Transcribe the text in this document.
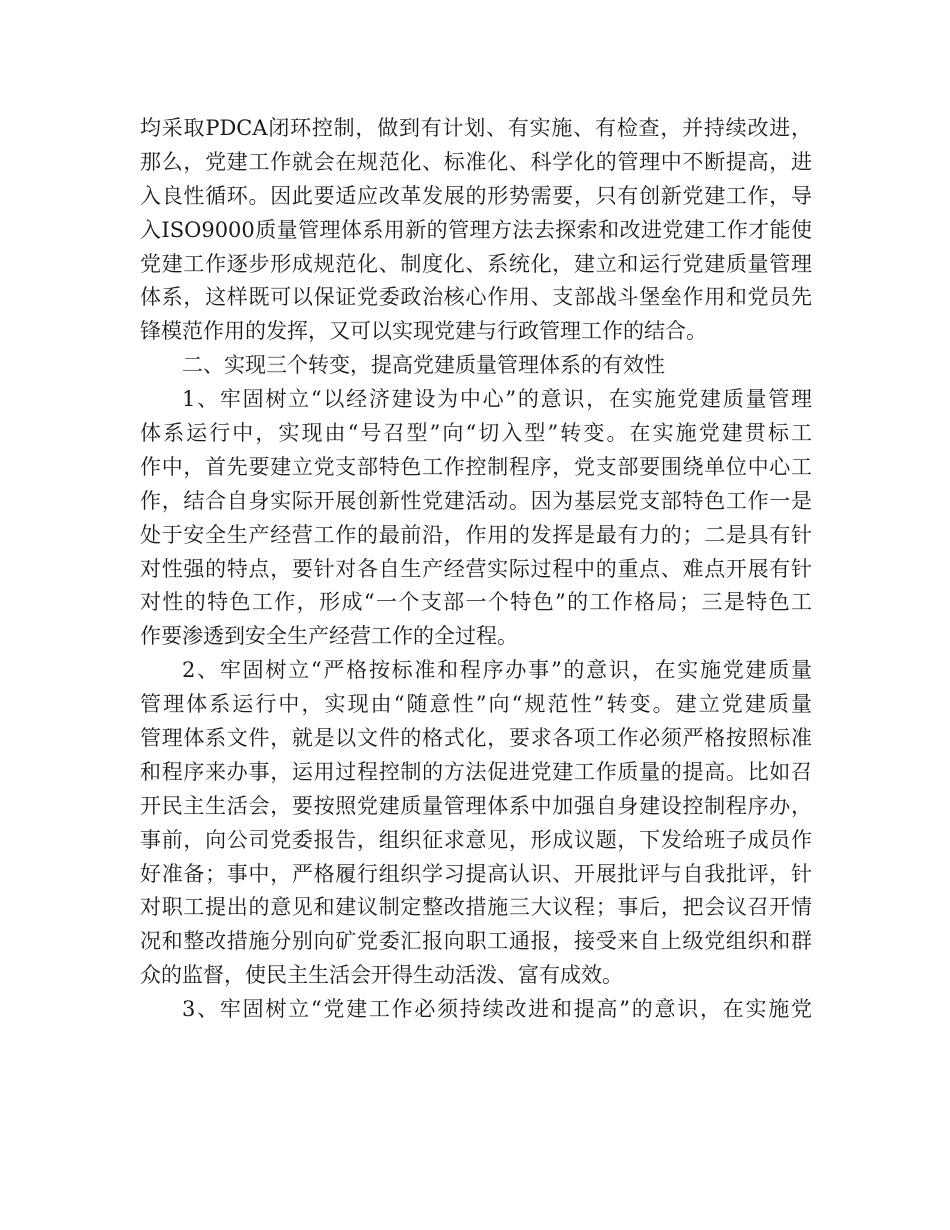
均采取PDCA闭环控制，做到有计划、有实施、有检查，并持续改进，
那么，党建工作就会在规范化、标准化、科学化的管理中不断提高，进
入良性循环。因此要适应改革发展的形势需要，只有创新党建工作，导
入ISO9000质量管理体系用新的管理方法去探索和改进党建工作才能使
党建工作逐步形成规范化、制度化、系统化，建立和运行党建质量管理
体系，这样既可以保证党委政治核心作用、支部战斗堡垒作用和党员先
锋模范作用的发挥，又可以实现党建与行政管理工作的结合。
二、实现三个转变，提高党建质量管理体系的有效性
1、牢固树立“以经济建设为中心”的意识，在实施党建质量管理
体系运行中，实现由“号召型”向“切入型”转变。在实施党建贯标工
作中，首先要建立党支部特色工作控制程序，党支部要围绕单位中心工
作，结合自身实际开展创新性党建活动。因为基层党支部特色工作一是
处于安全生产经营工作的最前沿，作用的发挥是最有力的；二是具有针
对性强的特点，要针对各自生产经营实际过程中的重点、难点开展有针
对性的特色工作，形成“一个支部一个特色”的工作格局；三是特色工
作要渗透到安全生产经营工作的全过程。
2、牢固树立“严格按标准和程序办事”的意识，在实施党建质量
管理体系运行中，实现由“随意性”向“规范性”转变。建立党建质量
管理体系文件，就是以文件的格式化，要求各项工作必须严格按照标准
和程序来办事，运用过程控制的方法促进党建工作质量的提高。比如召
开民主生活会，要按照党建质量管理体系中加强自身建设控制程序办，
事前，向公司党委报告，组织征求意见，形成议题，下发给班子成员作
好准备；事中，严格履行组织学习提高认识、开展批评与自我批评，针
对职工提出的意见和建议制定整改措施三大议程；事后，把会议召开情
况和整改措施分别向矿党委汇报向职工通报，接受来自上级党组织和群
众的监督，使民主生活会开得生动活泼、富有成效。
3、牢固树立“党建工作必须持续改进和提高”的意识，在实施党
